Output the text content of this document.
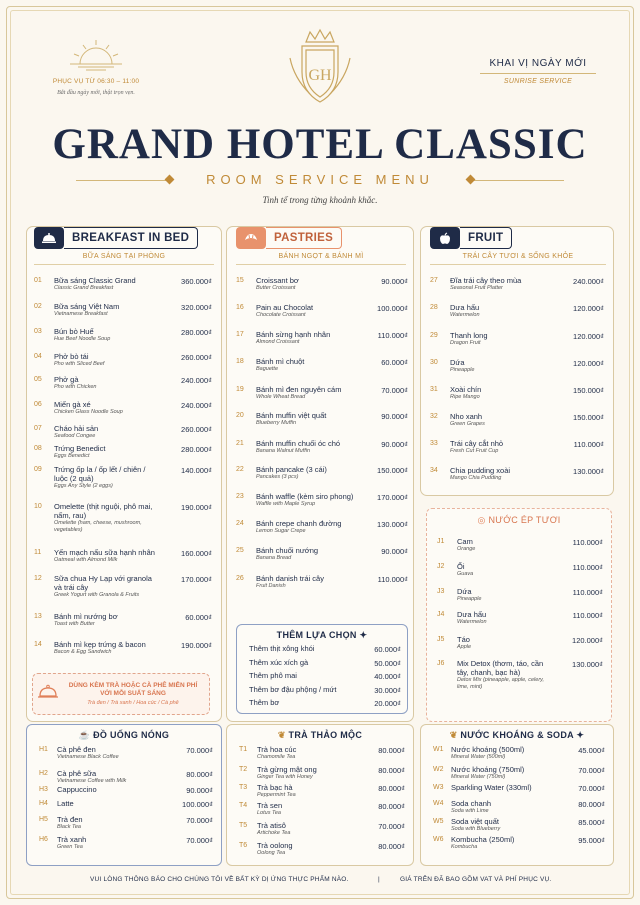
PHỤC VỤ TỪ 06:30 – 11:00
Bắt đầu ngày mới, thật trọn vẹn.
GH
KHAI VỊ NGÀY MỚI
SUNRISE SERVICE
GRAND HOTEL CLASSIC
ROOM SERVICE MENU
Tinh tế trong từng khoảnh khắc.
BREAKFAST IN BED
BỮA SÁNG TẠI PHÒNG
01	Bữa sáng Classic Grand
Classic Grand Breakfast
360.000₫
02	Bữa sáng Việt Nam
Vietnamese Breakfast
320.000₫
03	Bún bò Huế
Hue Beef Noodle Soup
280.000₫
04	Phở bò tái
Pho with Sliced Beef
260.000₫
05	Phở gà
Pho with Chicken
240.000₫
06	Miến gà xé
Chicken Glass Noodle Soup
240.000₫
07	Cháo hải sản
Seafood Congee
260.000₫
08	Trứng Benedict
Eggs Benedict
280.000₫
09	Trứng ốp la / ốp lết / chiên / luộc (2 quả)
Eggs Any Style (2 eggs)
140.000₫
10	Omelette (thịt nguội, phô mai, nấm, rau)
Omelette (ham, cheese, mushroom, vegetables)
190.000₫
11	Yến mạch nấu sữa hạnh nhân
Oatmeal with Almond Milk
160.000₫
12	Sữa chua Hy Lạp với granola và trái cây
Greek Yogurt with Granola & Fruits
170.000₫
13	Bánh mì nướng bơ
Toast with Butter
60.000₫
14	Bánh mì kẹp trứng & bacon
Bacon & Egg Sandwich
190.000₫
DÙNG KÈM TRÀ HOẶC CÀ PHÊ MIỄN PHÍ VỚI MỖI SUẤT SÁNG
Trà đen / Trà xanh / Hoa cúc / Cà phê
PASTRIES
BÁNH NGỌT & BÁNH MÌ
15	Croissant bơ
Butter Croissant
90.000₫
16	Pain au Chocolat
Chocolate Croissant
100.000₫
17	Bánh sừng hạnh nhân
Almond Croissant
110.000₫
18	Bánh mì chuột
Baguette
60.000₫
19	Bánh mì đen nguyên cám
Whole Wheat Bread
70.000₫
20	Bánh muffin việt quất
Blueberry Muffin
90.000₫
21	Bánh muffin chuối óc chó
Banana Walnut Muffin
90.000₫
22	Bánh pancake (3 cái)
Pancakes (3 pcs)
150.000₫
23	Bánh waffle (kèm siro phong)
Waffle with Maple Syrup
170.000₫
24	Bánh crepe chanh đường
Lemon Sugar Crepe
130.000₫
25	Bánh chuối nướng
Banana Bread
90.000₫
26	Bánh danish trái cây
Fruit Danish
110.000₫
THÊM LỰA CHỌN ✦
Thêm thịt xông khói	60.000₫
Thêm xúc xích gà	50.000₫
Thêm phô mai	40.000₫
Thêm bơ đậu phộng / mứt	30.000₫
Thêm bơ	20.000₫
FRUIT
TRÁI CÂY TƯƠI & SỐNG KHỎE
27	Đĩa trái cây theo mùa
Seasonal Fruit Platter
240.000₫
28	Dưa hấu
Watermelon
120.000₫
29	Thanh long
Dragon Fruit
120.000₫
30	Dứa
Pineapple
120.000₫
31	Xoài chín
Ripe Mango
150.000₫
32	Nho xanh
Green Grapes
150.000₫
33	Trái cây cắt nhỏ
Fresh Cut Fruit Cup
110.000₫
34	Chia pudding xoài
Mango Chia Pudding
130.000₫
◎ NƯỚC ÉP TƯƠI
J1	Cam
Orange
110.000₫
J2	Ổi
Guava
110.000₫
J3	Dứa
Pineapple
110.000₫
J4	Dưa hấu
Watermelon
110.000₫
J5	Táo
Apple
120.000₫
J6	Mix Detox (thơm, táo, cần tây, chanh, bạc hà)
Detox Mix (pineapple, apple, celery, lime, mint)
130.000₫
☕ ĐỒ UỐNG NÓNG
H1	Cà phê đen
Vietnamese Black Coffee
70.000₫
H2	Cà phê sữa
Vietnamese Coffee with Milk
80.000₫
H3	Cappuccino	90.000₫
H4	Latte	100.000₫
H5	Trà đen
Black Tea
70.000₫
H6	Trà xanh
Green Tea
70.000₫
❦ TRÀ THẢO MỘC
T1	Trà hoa cúc
Chamomile Tea
80.000₫
T2	Trà gừng mật ong
Ginger Tea with Honey
80.000₫
T3	Trà bạc hà
Peppermint Tea
80.000₫
T4	Trà sen
Lotus Tea
80.000₫
T5	Trà atisô
Artichoke Tea
70.000₫
T6	Trà oolong
Oolong Tea
80.000₫
❦ NƯỚC KHOÁNG & SODA ✦
W1	Nước khoáng (500ml)
Mineral Water (500ml)
45.000₫
W2	Nước khoáng (750ml)
Mineral Water (750ml)
70.000₫
W3	Sparkling Water (330ml)	70.000₫
W4	Soda chanh
Soda with Lime
80.000₫
W5	Soda việt quất
Soda with Blueberry
85.000₫
W6	Kombucha (250ml)
Kombucha
95.000₫
VUI LÒNG THÔNG BÁO CHO CHÚNG TÔI VỀ BẤT KỲ DỊ ỨNG THỰC PHẨM NÀO.	|	GIÁ TRÊN ĐÃ BAO GỒM VAT VÀ PHÍ PHỤC VỤ.
